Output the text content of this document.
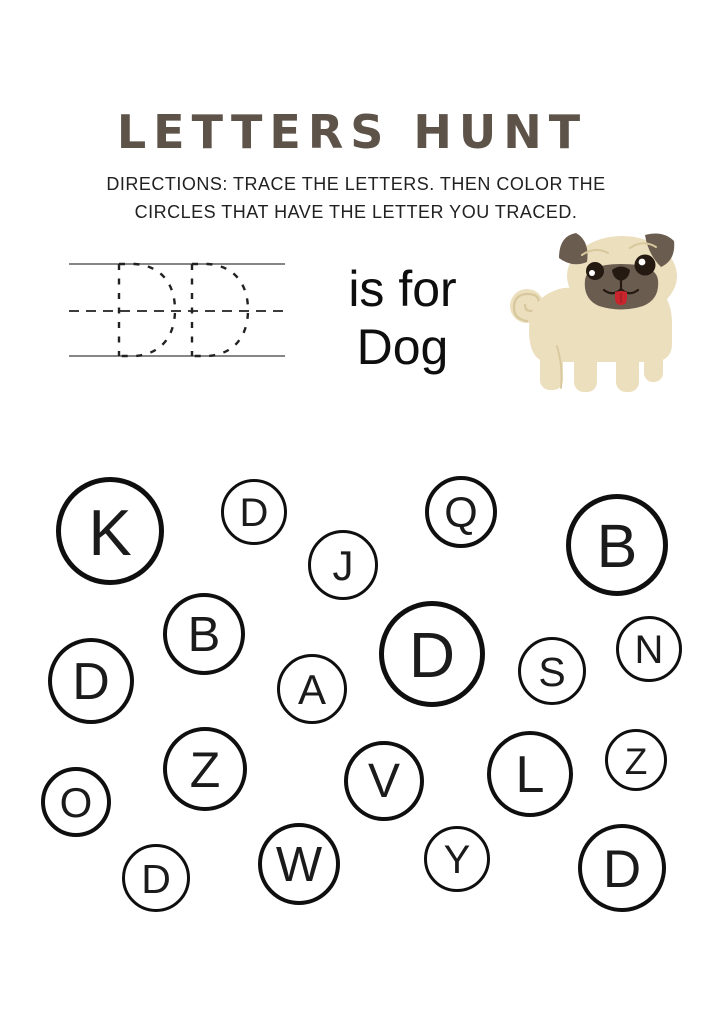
LETTERS HUNT
DIRECTIONS: TRACE THE LETTERS. THEN COLOR THE
CIRCLES THAT HAVE THE LETTER YOU TRACED.
is for
Dog
K	D	Q
J	B
B	D	N
D	A	S
Z	V L Z
O
W	Y
D	D
